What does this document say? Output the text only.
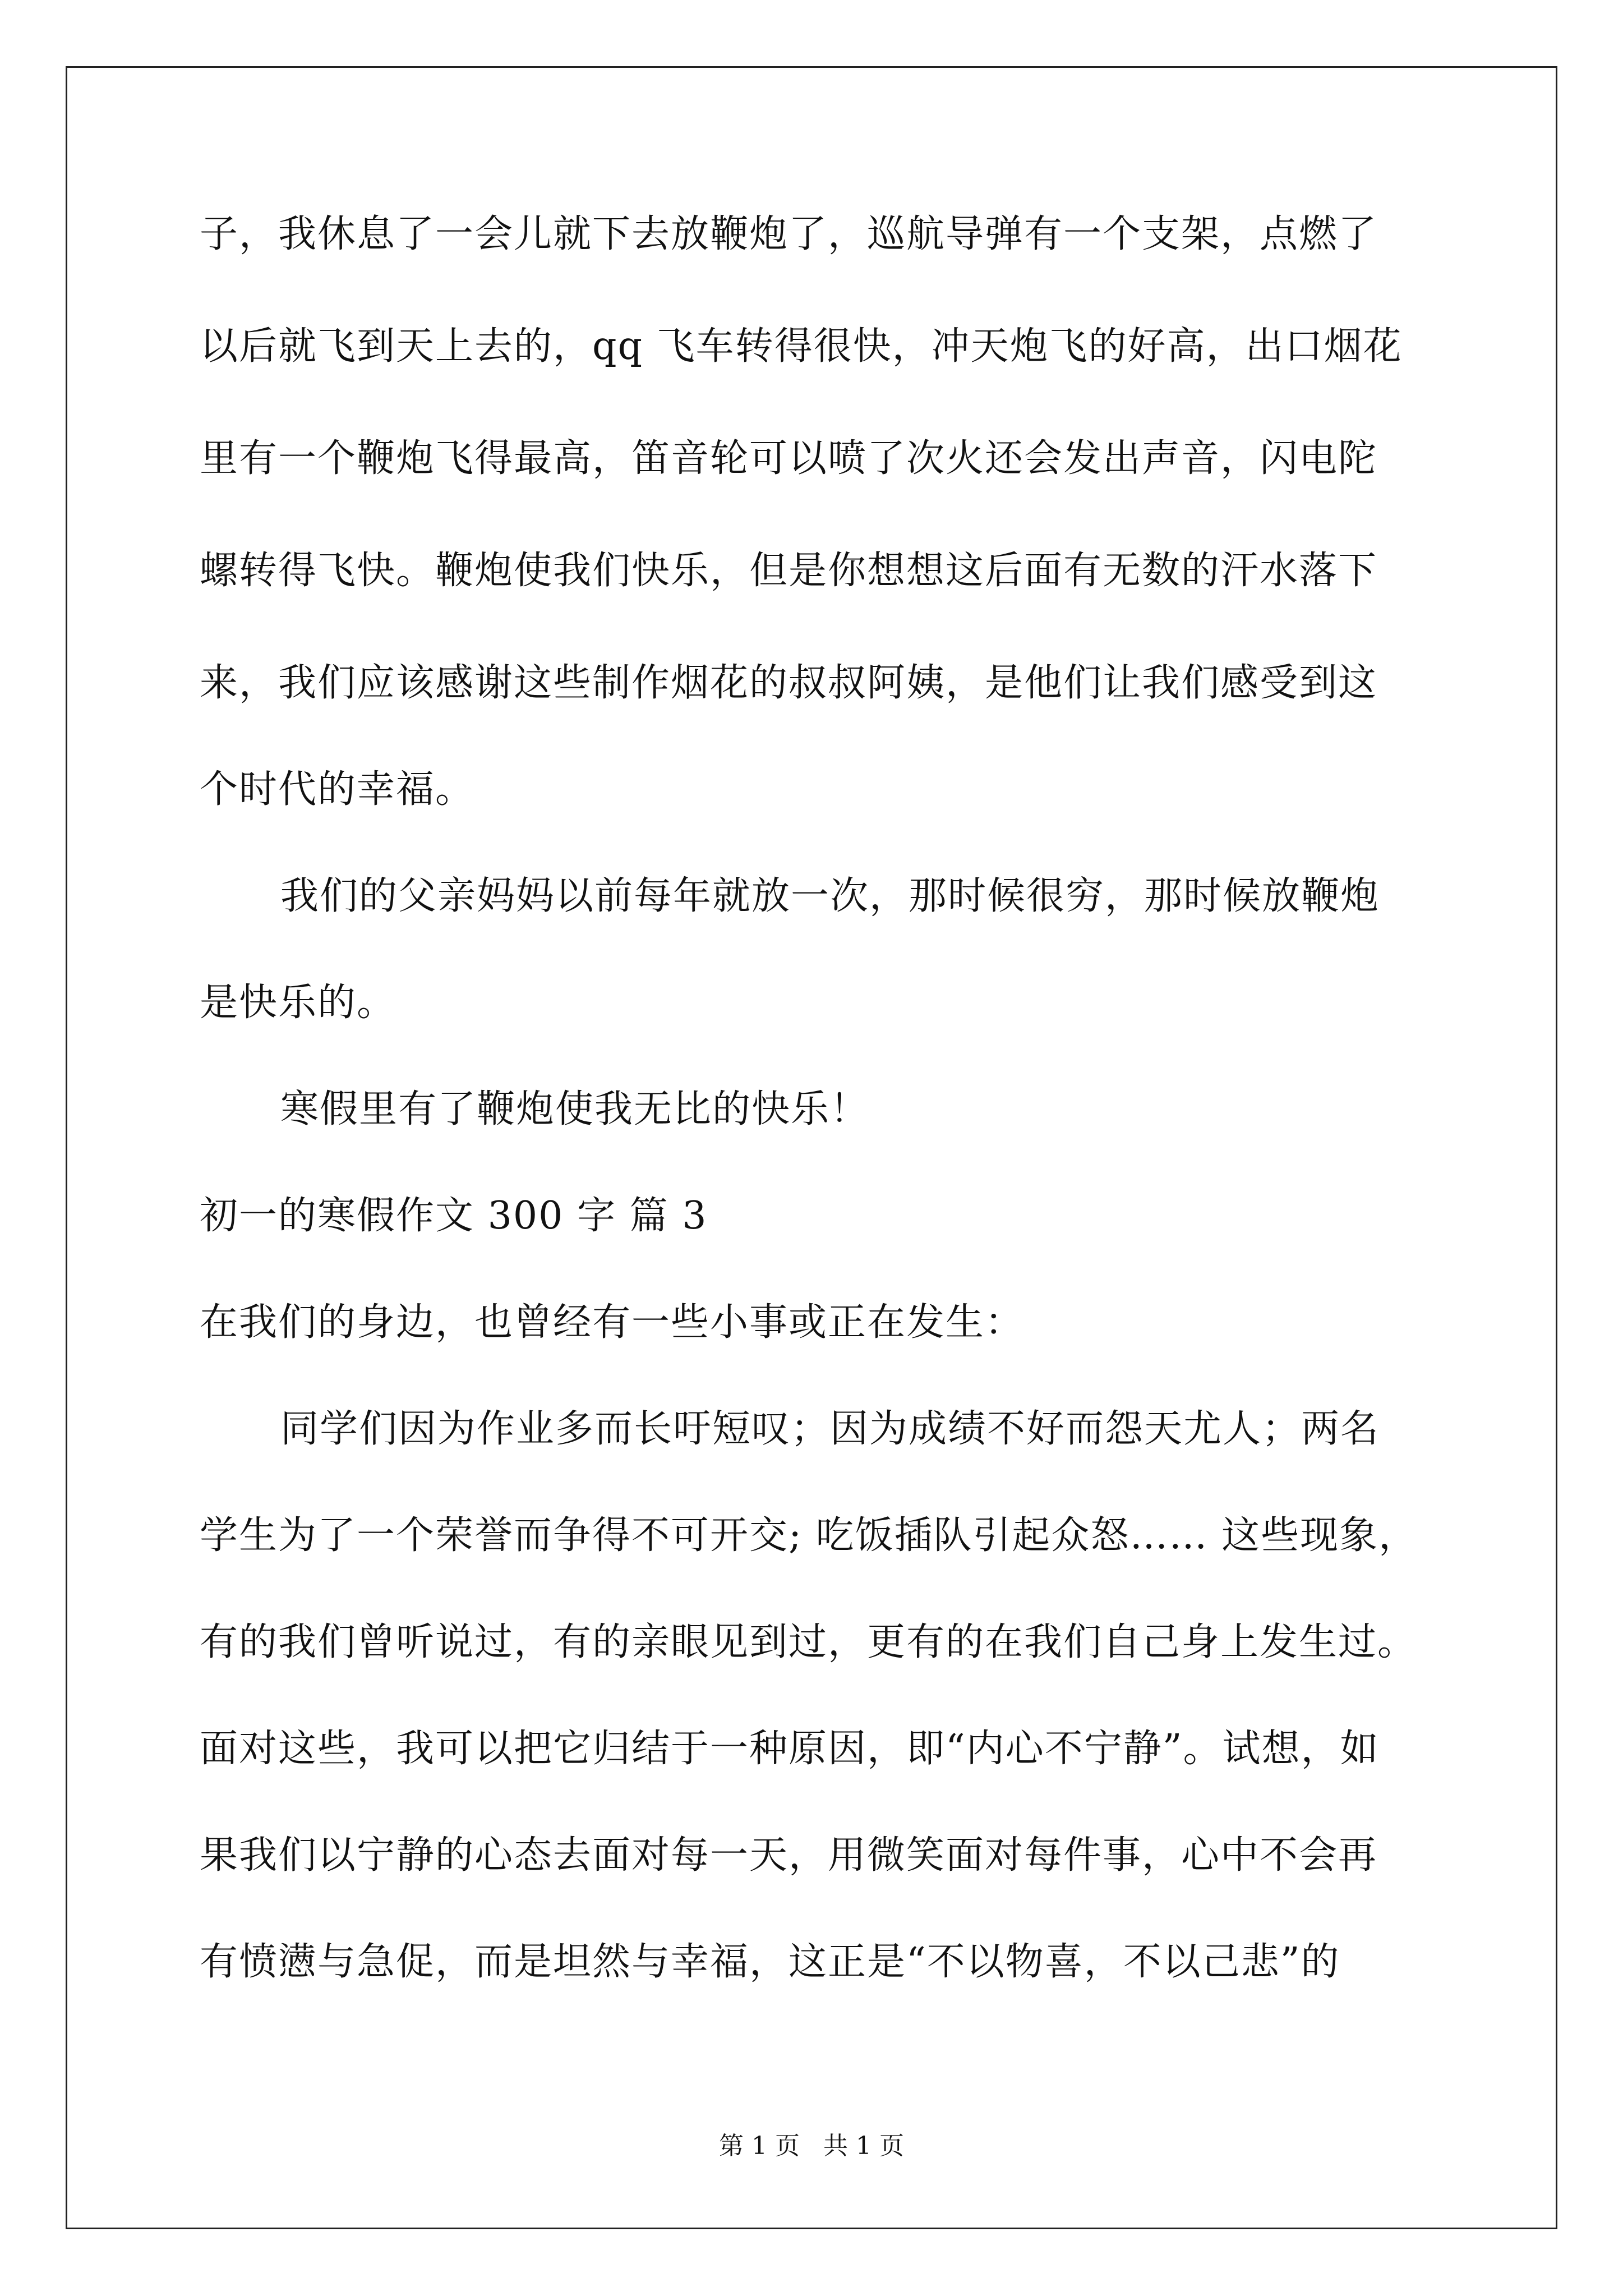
子，我休息了一会儿就下去放鞭炮了，巡航导弹有一个支架，点燃了
以后就飞到天上去的，qq 飞车转得很快，冲天炮飞的好高，出口烟花
里有一个鞭炮飞得最高，笛音轮可以喷了次火还会发出声音，闪电陀
螺转得飞快。鞭炮使我们快乐，但是你想想这后面有无数的汗水落下
来，我们应该感谢这些制作烟花的叔叔阿姨，是他们让我们感受到这
个时代的幸福。
我们的父亲妈妈以前每年就放一次，那时候很穷，那时候放鞭炮
是快乐的。
寒假里有了鞭炮使我无比的快乐！
初一的寒假作文 300 字 篇 3
在我们的身边，也曾经有一些小事或正在发生：
同学们因为作业多而长吁短叹；因为成绩不好而怨天尤人；两名
学生为了一个荣誉而争得不可开交; 吃饭插队引起众怒…… 这些现象，
有的我们曾听说过，有的亲眼见到过，更有的在我们自己身上发生过。
面对这些，我可以把它归结于一种原因，即“内心不宁静”。试想，如
果我们以宁静的心态去面对每一天，用微笑面对每件事，心中不会再
有愤懑与急促，而是坦然与幸福，这正是“不以物喜，不以己悲”的
第 1 页   共 1 页
